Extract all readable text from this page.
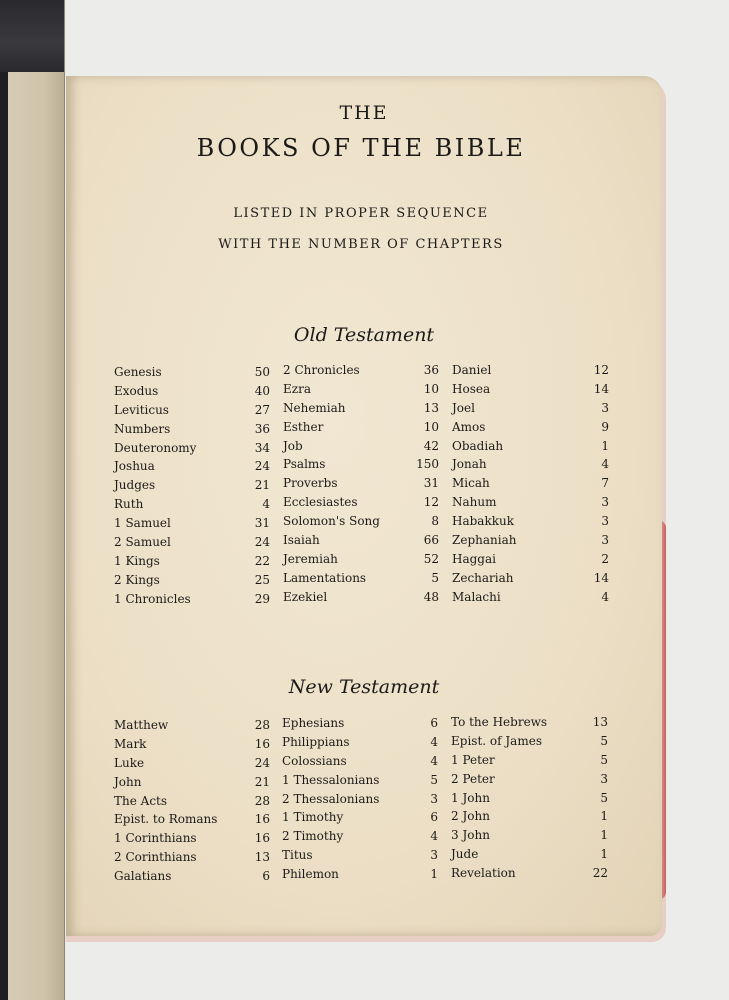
THE
BOOKS OF THE BIBLE
LISTED IN PROPER SEQUENCE
WITH THE NUMBER OF CHAPTERS
Old Testament
Genesis	50
Exodus	40
Leviticus	27
Numbers	36
Deuteronomy	34
Joshua	24
Judges	21
Ruth	4
1 Samuel	31
2 Samuel	24
1 Kings	22
2 Kings	25
1 Chronicles	29
2 Chronicles	36
Ezra	10
Nehemiah	13
Esther	10
Job	42
Psalms	150
Proverbs	31
Ecclesiastes	12
Solomon's Song	8
Isaiah	66
Jeremiah	52
Lamentations	5
Ezekiel	48
Daniel	12
Hosea	14
Joel	3
Amos	9
Obadiah	1
Jonah	4
Micah	7
Nahum	3
Habakkuk	3
Zephaniah	3
Haggai	2
Zechariah	14
Malachi	4
New Testament
Matthew	28
Mark	16
Luke	24
John	21
The Acts	28
Epist. to Romans	16
1 Corinthians	16
2 Corinthians	13
Galatians	6
Ephesians	6
Philippians	4
Colossians	4
1 Thessalonians	5
2 Thessalonians	3
1 Timothy	6
2 Timothy	4
Titus	3
Philemon	1
To the Hebrews	13
Epist. of James	5
1 Peter	5
2 Peter	3
1 John	5
2 John	1
3 John	1
Jude	1
Revelation	22
